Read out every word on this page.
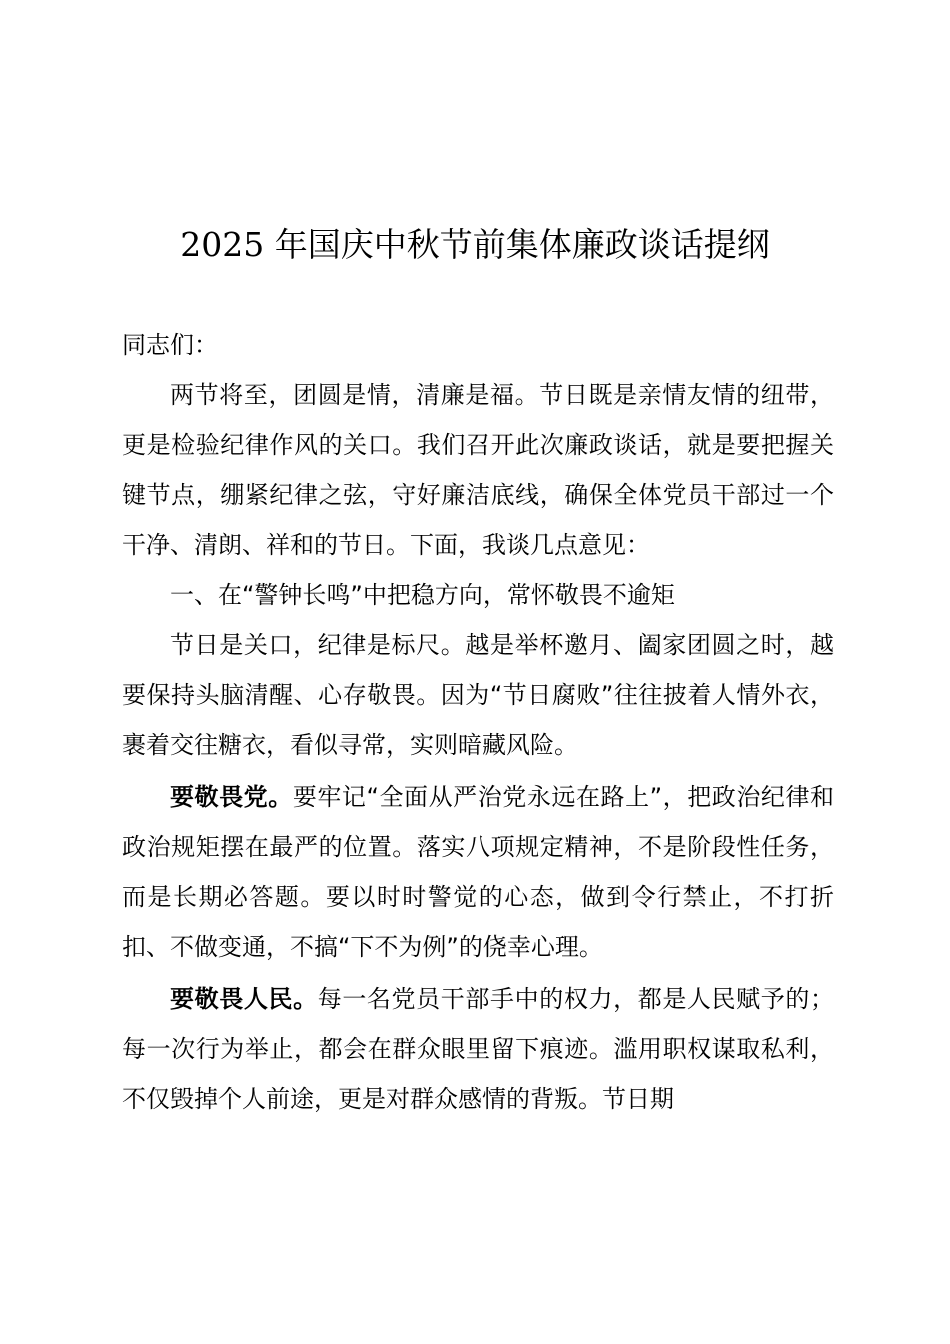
2025 年国庆中秋节前集体廉政谈话提纲

同志们：

两节将至，团圆是情，清廉是福。节日既是亲情友情的纽带，更是检验纪律作风的关口。我们召开此次廉政谈话，就是要把握关键节点，绷紧纪律之弦，守好廉洁底线，确保全体党员干部过一个干净、清朗、祥和的节日。下面，我谈几点意见：

一、在“警钟长鸣”中把稳方向，常怀敬畏不逾矩

节日是关口，纪律是标尺。越是举杯邀月、阖家团圆之时，越要保持头脑清醒、心存敬畏。因为“节日腐败”往往披着人情外衣，裹着交往糖衣，看似寻常，实则暗藏风险。

要敬畏党。要牢记“全面从严治党永远在路上”，把政治纪律和政治规矩摆在最严的位置。落实八项规定精神，不是阶段性任务，而是长期必答题。要以时时警觉的心态，做到令行禁止，不打折扣、不做变通，不搞“下不为例”的侥幸心理。

要敬畏人民。每一名党员干部手中的权力，都是人民赋予的；每一次行为举止，都会在群众眼里留下痕迹。滥用职权谋取私利，不仅毁掉个人前途，更是对群众感情的背叛。节日期
